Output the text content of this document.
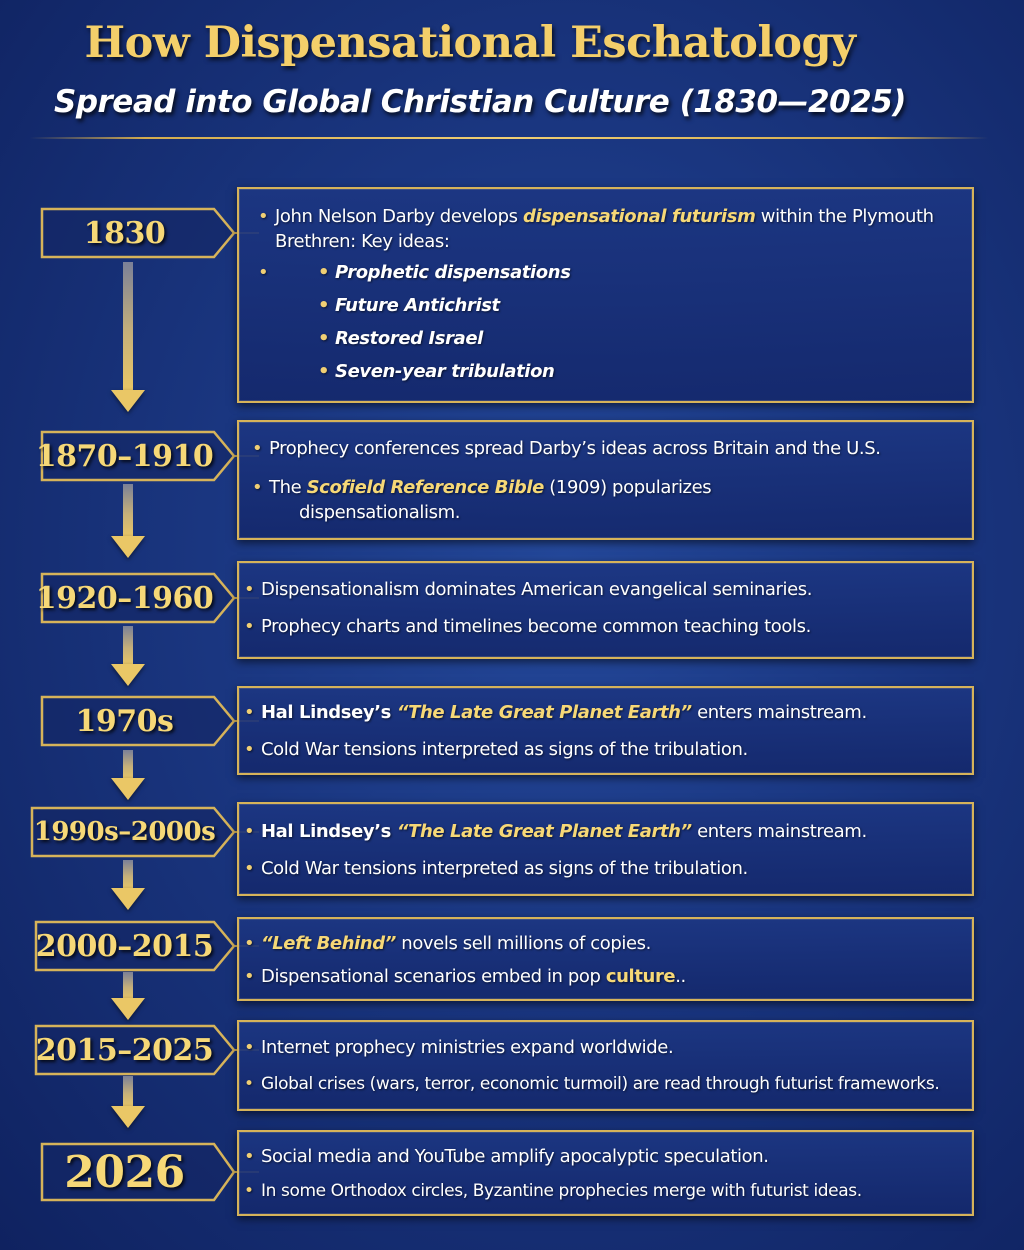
How Dispensational Eschatology
Spread into Global Christian Culture (1830—2025)
1830
1870–1910
1920–1960
1970s
1990s–2000s
2000–2015
2015–2025
2026
• John Nelson Darby develops dispensational futurism within the Plymouth Brethren: Key ideas:
• • Prophetic dispensations
• Future Antichrist
• Restored Israel
• Seven-year tribulation
• Prophecy conferences spread Darby’s ideas across Britain and the U.S.
• The Scofield Reference Bible (1909) popularizes
dispensationalism.
• Dispensationalism dominates American evangelical seminaries.
• Prophecy charts and timelines become common teaching tools.
• Hal Lindsey’s “The Late Great Planet Earth” enters mainstream.
• Cold War tensions interpreted as signs of the tribulation.
• Hal Lindsey’s “The Late Great Planet Earth” enters mainstream.
• Cold War tensions interpreted as signs of the tribulation.
• “Left Behind” novels sell millions of copies.
• Dispensational scenarios embed in pop culture..
• Internet prophecy ministries expand worldwide.
• Global crises (wars, terror, economic turmoil) are read through futurist frameworks.
• Social media and YouTube amplify apocalyptic speculation.
• In some Orthodox circles, Byzantine prophecies merge with futurist ideas.
